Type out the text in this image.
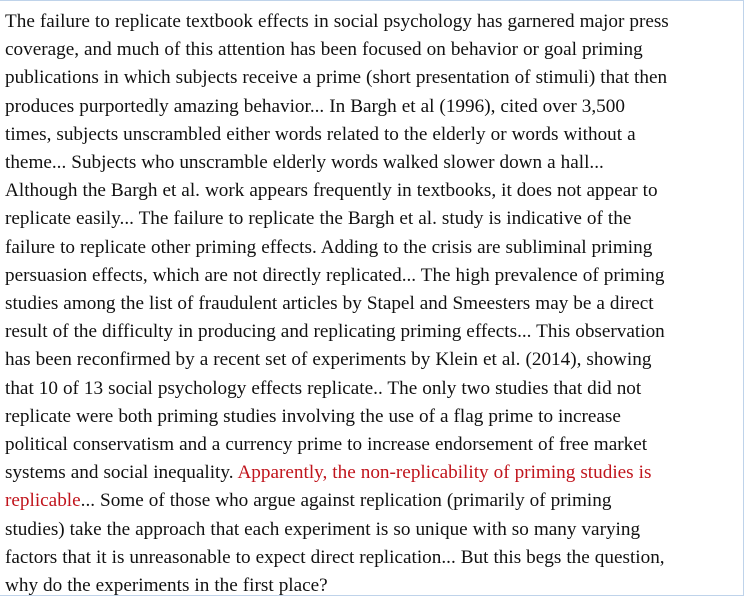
The failure to replicate textbook effects in social psychology has garnered major press
coverage, and much of this attention has been focused on behavior or goal priming
publications in which subjects receive a prime (short presentation of stimuli) that then
produces purportedly amazing behavior... In Bargh et al (1996), cited over 3,500
times, subjects unscrambled either words related to the elderly or words without a
theme... Subjects who unscramble elderly words walked slower down a hall...
Although the Bargh et al. work appears frequently in textbooks, it does not appear to
replicate easily... The failure to replicate the Bargh et al. study is indicative of the
failure to replicate other priming effects. Adding to the crisis are subliminal priming
persuasion effects, which are not directly replicated... The high prevalence of priming
studies among the list of fraudulent articles by Stapel and Smeesters may be a direct
result of the difficulty in producing and replicating priming effects... This observation
has been reconfirmed by a recent set of experiments by Klein et al. (2014), showing
that 10 of 13 social psychology effects replicate.. The only two studies that did not
replicate were both priming studies involving the use of a flag prime to increase
political conservatism and a currency prime to increase endorsement of free market
systems and social inequality. Apparently, the non-replicability of priming studies is
replicable... Some of those who argue against replication (primarily of priming
studies) take the approach that each experiment is so unique with so many varying
factors that it is unreasonable to expect direct replication... But this begs the question,
why do the experiments in the first place?
